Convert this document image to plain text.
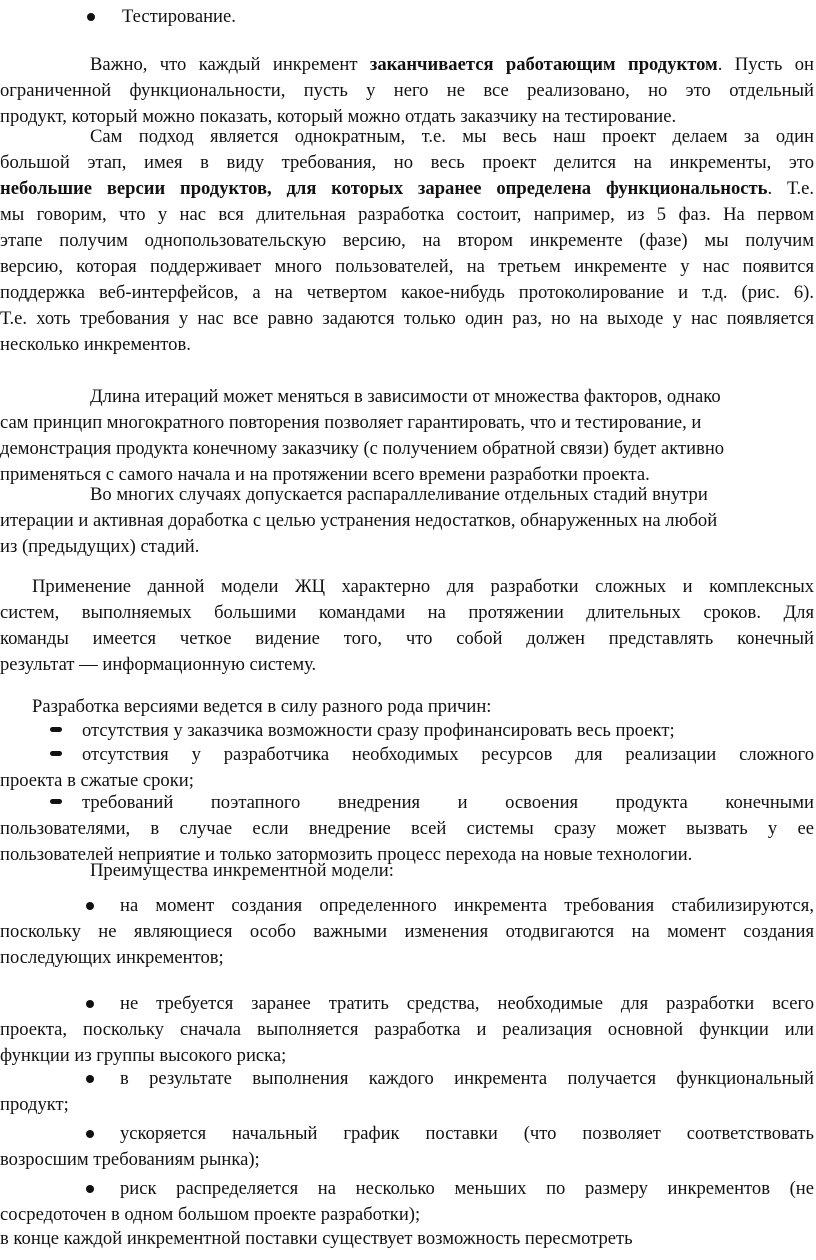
Тестирование.
Важно, что каждый инкремент заканчивается работающим продуктом. Пусть он
ограниченной функциональности, пусть у него не все реализовано, но это отдельный
продукт, который можно показать, который можно отдать заказчику на тестирование.
Сам подход является однократным, т.е. мы весь наш проект делаем за один
большой этап, имея в виду требования, но весь проект делится на инкременты, это
небольшие версии продуктов, для которых заранее определена функциональность. Т.е.
мы говорим, что у нас вся длительная разработка состоит, например, из 5 фаз. На первом
этапе получим однопользовательскую версию, на втором инкременте (фазе) мы получим
версию, которая поддерживает много пользователей, на третьем инкременте у нас появится
поддержка веб-интерфейсов, а на четвертом какое-нибудь протоколирование и т.д. (рис. 6).
Т.е. хоть требования у нас все равно задаются только один раз, но на выходе у нас появляется
несколько инкрементов.
Длина итераций может меняться в зависимости от множества факторов, однако
сам принцип многократного повторения позволяет гарантировать, что и тестирование, и
демонстрация продукта конечному заказчику (с получением обратной связи) будет активно
применяться с самого начала и на протяжении всего времени разработки проекта.
Во многих случаях допускается распараллеливание отдельных стадий внутри
итерации и активная доработка с целью устранения недостатков, обнаруженных на любой
из (предыдущих) стадий.
Применение данной модели ЖЦ характерно для разработки сложных и комплексных
систем, выполняемых большими командами на протяжении длительных сроков. Для
команды имеется четкое видение того, что собой должен представлять конечный
результат — информационную систему.
Разработка версиями ведется в силу разного рода причин:
отсутствия у заказчика возможности сразу профинансировать весь проект;
отсутствия у разработчика необходимых ресурсов для реализации сложного
проекта в сжатые сроки;
требований поэтапного внедрения и освоения продукта конечными
пользователями, в случае если внедрение всей системы сразу может вызвать у ее
пользователей неприятие и только затормозить процесс перехода на новые технологии.
Преимущества инкрементной модели:
на момент создания определенного инкремента требования стабилизируются,
поскольку не являющиеся особо важными изменения отодвигаются на момент создания
последующих инкрементов;
не требуется заранее тратить средства, необходимые для разработки всего
проекта, поскольку сначала выполняется разработка и реализация основной функции или
функции из группы высокого риска;
в результате выполнения каждого инкремента получается функциональный
продукт;
ускоряется начальный график поставки (что позволяет соответствовать
возросшим требованиям рынка);
риск распределяется на несколько меньших по размеру инкрементов (не
сосредоточен в одном большом проекте разработки);
в конце каждой инкрементной поставки существует возможность пересмотреть
